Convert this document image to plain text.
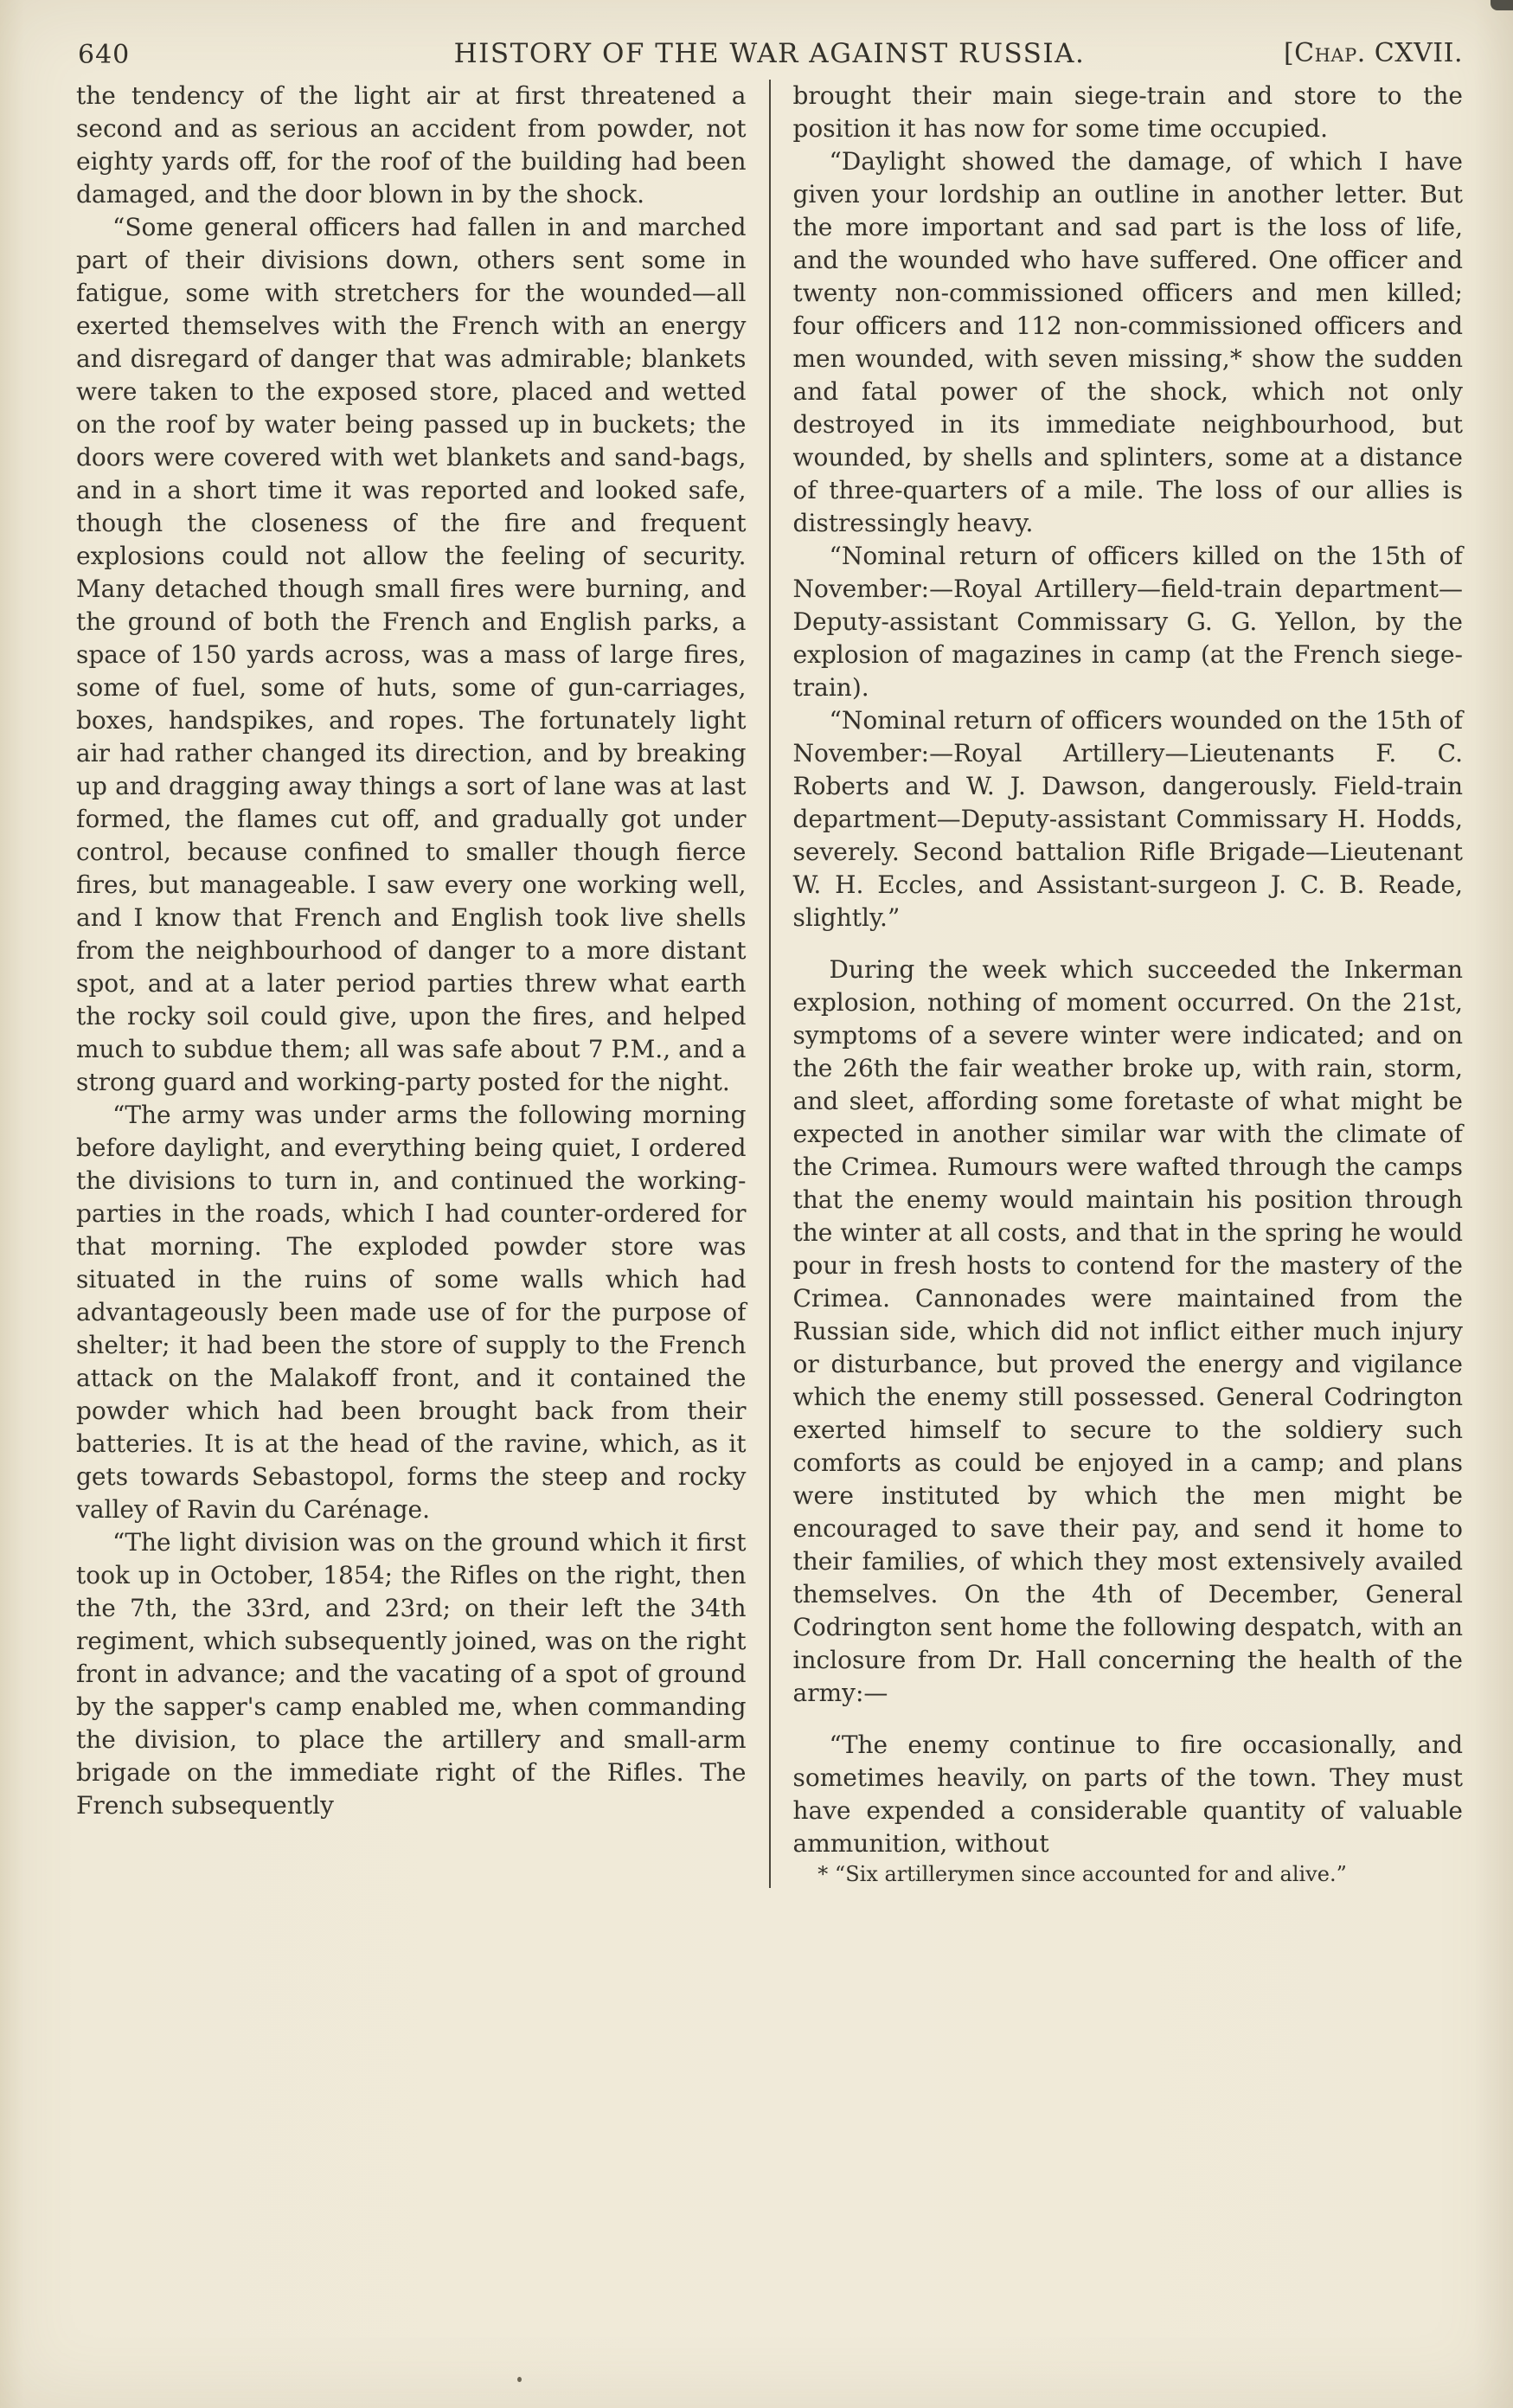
640	HISTORY OF THE WAR AGAINST RUSSIA.	[Chap. CXVII.

the tendency of the light air at first threatened a second and as serious an accident from powder, not eighty yards off, for the roof of the building had been damaged, and the door blown in by the shock.

“Some general officers had fallen in and marched part of their divisions down, others sent some in fatigue, some with stretchers for the wounded—all exerted themselves with the French with an energy and disregard of danger that was admirable; blankets were taken to the exposed store, placed and wetted on the roof by water being passed up in buckets; the doors were covered with wet blankets and sand-bags, and in a short time it was reported and looked safe, though the closeness of the fire and frequent explosions could not allow the feeling of security. Many detached though small fires were burning, and the ground of both the French and English parks, a space of 150 yards across, was a mass of large fires, some of fuel, some of huts, some of gun-carriages, boxes, handspikes, and ropes. The fortunately light air had rather changed its direction, and by breaking up and dragging away things a sort of lane was at last formed, the flames cut off, and gradually got under control, because confined to smaller though fierce fires, but manageable. I saw every one working well, and I know that French and English took live shells from the neighbourhood of danger to a more distant spot, and at a later period parties threw what earth the rocky soil could give, upon the fires, and helped much to subdue them; all was safe about 7 P.M., and a strong guard and working-party posted for the night.

“The army was under arms the following morning before daylight, and everything being quiet, I ordered the divisions to turn in, and continued the working-parties in the roads, which I had counter-ordered for that morning. The exploded powder store was situated in the ruins of some walls which had advantageously been made use of for the purpose of shelter; it had been the store of supply to the French attack on the Malakoff front, and it contained the powder which had been brought back from their batteries. It is at the head of the ravine, which, as it gets towards Sebastopol, forms the steep and rocky valley of Ravin du Carénage.

“The light division was on the ground which it first took up in October, 1854; the Rifles on the right, then the 7th, the 33rd, and 23rd; on their left the 34th regiment, which subsequently joined, was on the right front in advance; and the vacating of a spot of ground by the sapper's camp enabled me, when commanding the division, to place the artillery and small-arm brigade on the immediate right of the Rifles. The French subsequently

brought their main siege-train and store to the position it has now for some time occupied.

“Daylight showed the damage, of which I have given your lordship an outline in another letter. But the more important and sad part is the loss of life, and the wounded who have suffered. One officer and twenty non-commissioned officers and men killed; four officers and 112 non-commissioned officers and men wounded, with seven missing,* show the sudden and fatal power of the shock, which not only destroyed in its immediate neighbourhood, but wounded, by shells and splinters, some at a distance of three-quarters of a mile. The loss of our allies is distressingly heavy.

“Nominal return of officers killed on the 15th of November:—Royal Artillery—field-train department—Deputy-assistant Commissary G. G. Yellon, by the explosion of magazines in camp (at the French siege-train).

“Nominal return of officers wounded on the 15th of November:—Royal Artillery—Lieutenants F. C. Roberts and W. J. Dawson, dangerously. Field-train department—Deputy-assistant Commissary H. Hodds, severely. Second battalion Rifle Brigade—Lieutenant W. H. Eccles, and Assistant-surgeon J. C. B. Reade, slightly.”

During the week which succeeded the Inkerman explosion, nothing of moment occurred. On the 21st, symptoms of a severe winter were indicated; and on the 26th the fair weather broke up, with rain, storm, and sleet, affording some foretaste of what might be expected in another similar war with the climate of the Crimea. Rumours were wafted through the camps that the enemy would maintain his position through the winter at all costs, and that in the spring he would pour in fresh hosts to contend for the mastery of the Crimea. Cannonades were maintained from the Russian side, which did not inflict either much injury or disturbance, but proved the energy and vigilance which the enemy still possessed. General Codrington exerted himself to secure to the soldiery such comforts as could be enjoyed in a camp; and plans were instituted by which the men might be encouraged to save their pay, and send it home to their families, of which they most extensively availed themselves. On the 4th of December, General Codrington sent home the following despatch, with an inclosure from Dr. Hall concerning the health of the army:—

“The enemy continue to fire occasionally, and sometimes heavily, on parts of the town. They must have expended a considerable quantity of valuable ammunition, without

* “Six artillerymen since accounted for and alive.”
